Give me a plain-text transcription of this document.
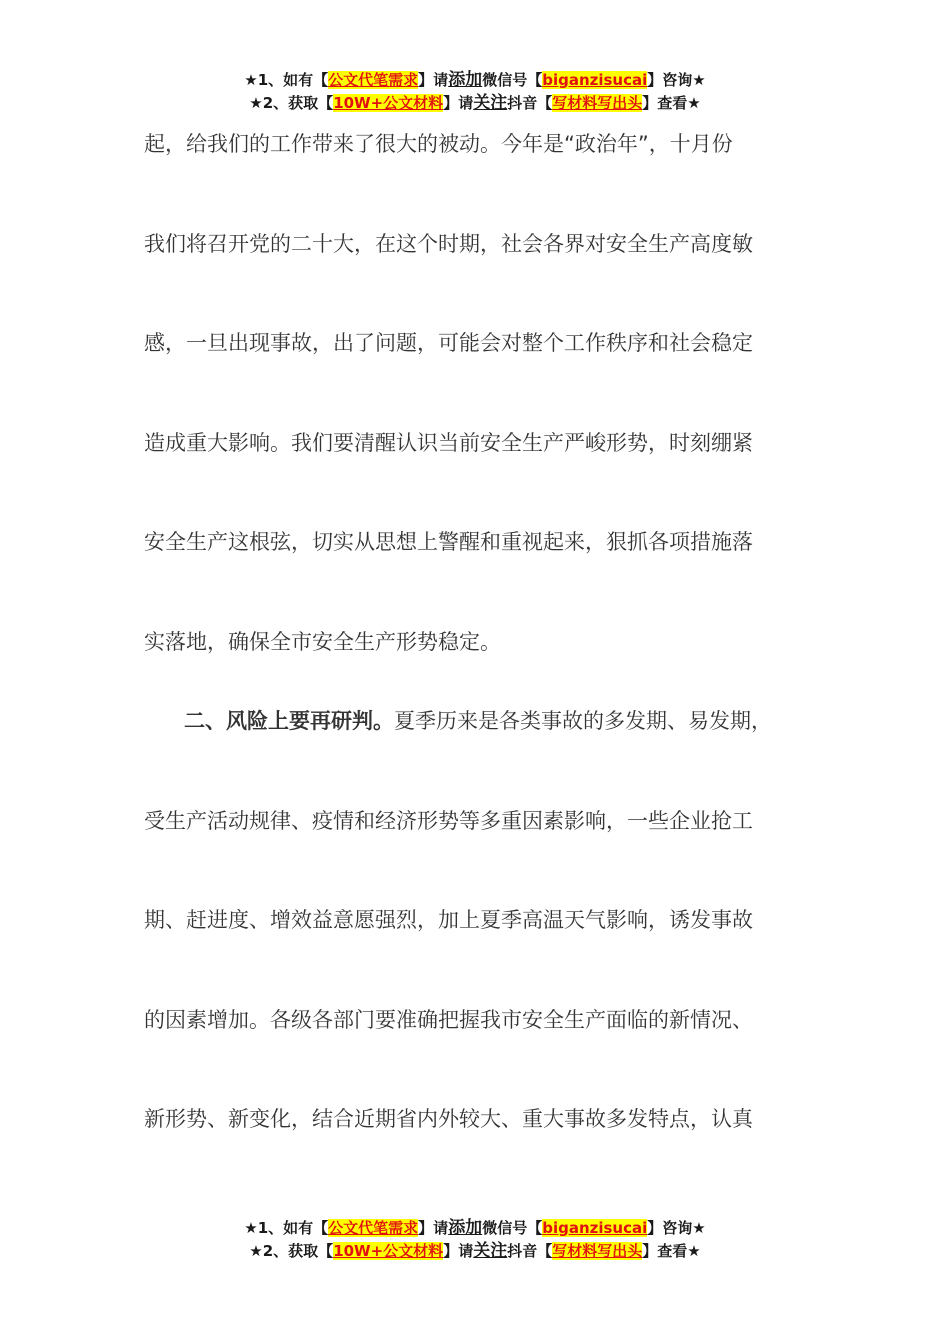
★1、如有【公文代笔需求】请添加微信号【biganzisucai】咨询★
★2、获取【10W+公文材料】请关注抖音【写材料写出头】查看★
起，给我们的工作带来了很大的被动。今年是“政治年”，十月份
我们将召开党的二十大，在这个时期，社会各界对安全生产高度敏
感，一旦出现事故，出了问题，可能会对整个工作秩序和社会稳定
造成重大影响。我们要清醒认识当前安全生产严峻形势，时刻绷紧
安全生产这根弦，切实从思想上警醒和重视起来，狠抓各项措施落
实落地，确保全市安全生产形势稳定。
二、风险上要再研判。夏季历来是各类事故的多发期、易发期，
受生产活动规律、疫情和经济形势等多重因素影响，一些企业抢工
期、赶进度、增效益意愿强烈，加上夏季高温天气影响，诱发事故
的因素增加。各级各部门要准确把握我市安全生产面临的新情况、
新形势、新变化，结合近期省内外较大、重大事故多发特点，认真
★1、如有【公文代笔需求】请添加微信号【biganzisucai】咨询★
★2、获取【10W+公文材料】请关注抖音【写材料写出头】查看★
